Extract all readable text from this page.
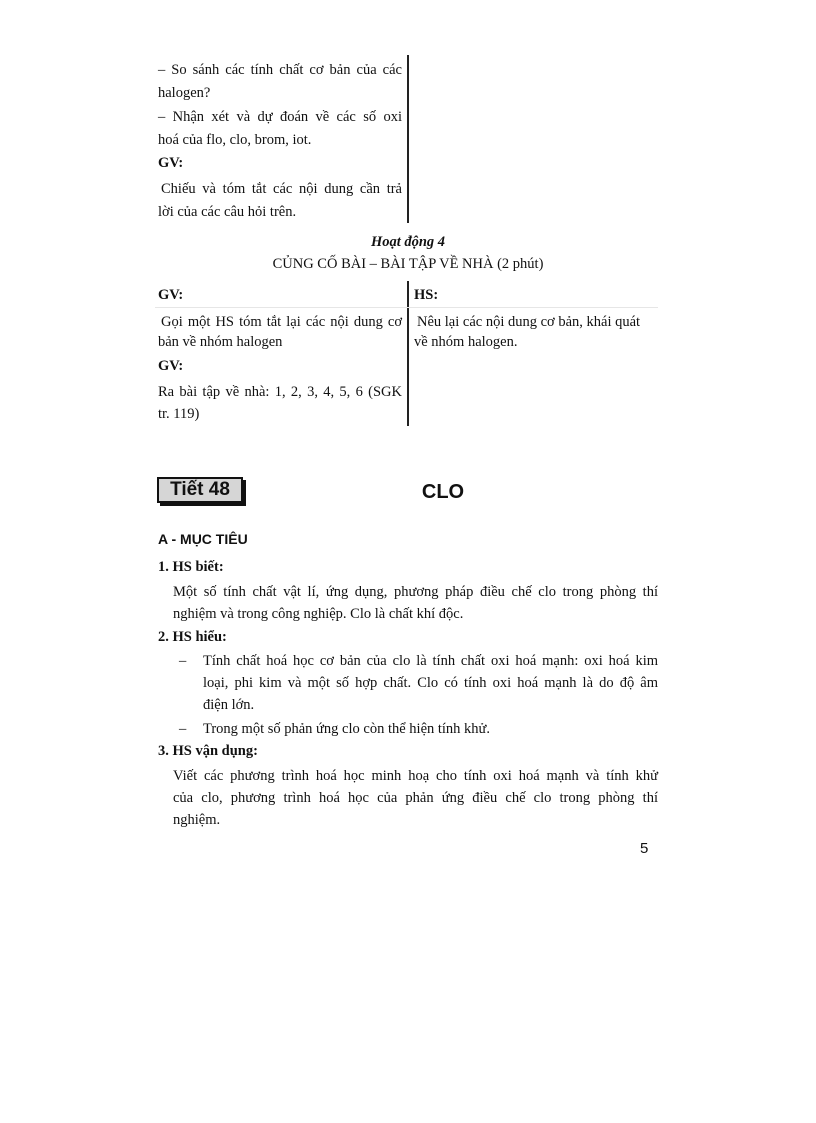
– So sánh các tính chất cơ bản của các
halogen?
– Nhận xét và dự đoán về các số oxi
hoá của flo, clo, brom, iot.
GV:
Chiếu và tóm tắt các nội dung cần trả
lời của các câu hỏi trên.
Hoạt động 4
CỦNG CỐ BÀI – BÀI TẬP VỀ NHÀ (2 phút)
GV:
Gọi một HS tóm tắt lại các nội dung cơ
bản về nhóm halogen
GV:
Ra bài tập về nhà: 1, 2, 3, 4, 5, 6 (SGK
tr. 119)
HS:
Nêu lại các nội dung cơ bản, khái quát
về nhóm halogen.
Tiết 48	CLO
A - MỤC TIÊU
1. HS biết:
Một số tính chất vật lí, ứng dụng, phương pháp điều chế clo trong phòng thí
nghiệm và trong công nghiệp. Clo là chất khí độc.
2. HS hiểu:
– Tính chất hoá học cơ bản của clo là tính chất oxi hoá mạnh: oxi hoá kim
loại, phi kim và một số hợp chất. Clo có tính oxi hoá mạnh là do độ âm
điện lớn.
– Trong một số phản ứng clo còn thể hiện tính khử.
3. HS vận dụng:
Viết các phương trình hoá học minh hoạ cho tính oxi hoá mạnh và tính khử
của clo, phương trình hoá học của phản ứng điều chế clo trong phòng thí
nghiệm.
5
